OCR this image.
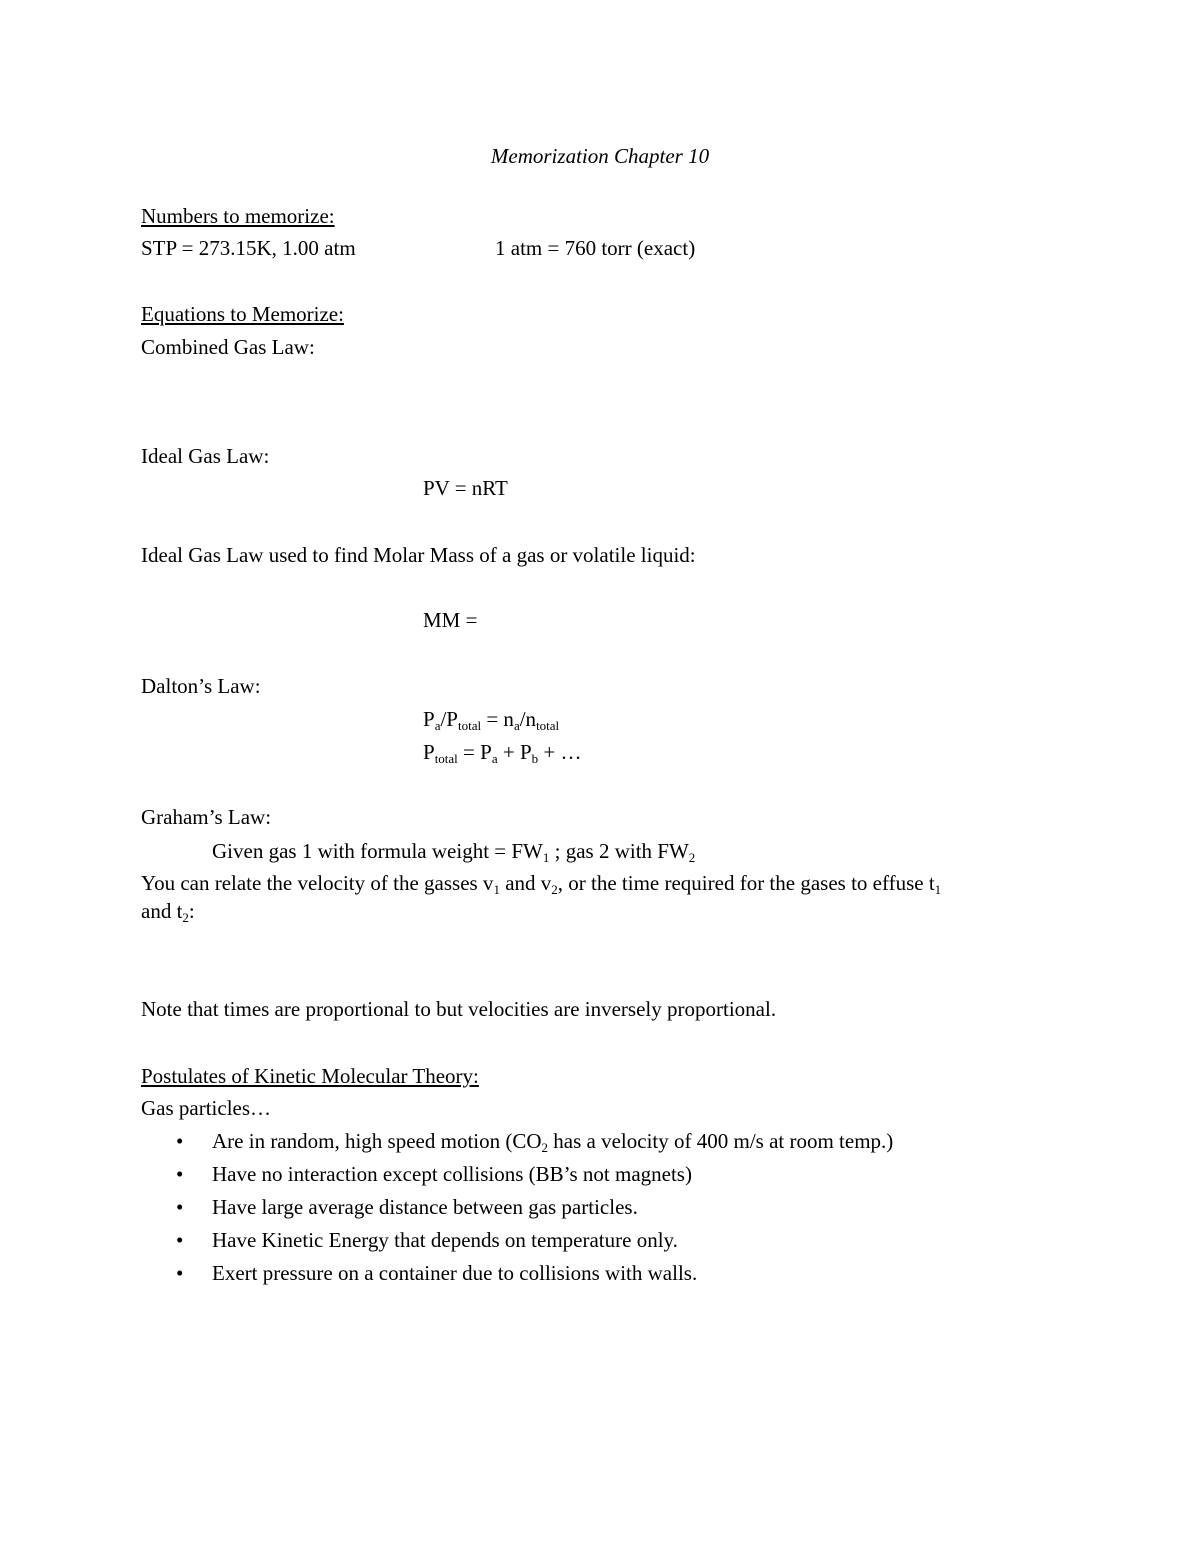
Memorization Chapter 10
Numbers to memorize:
STP = 273.15K, 1.00 atm	1 atm = 760 torr (exact)
Equations to Memorize:
Combined Gas Law:
Ideal Gas Law:
PV = nRT
Ideal Gas Law used to find Molar Mass of a gas or volatile liquid:
MM =
Dalton’s Law:
$P_a/P_{total} = n_a/n_{total}$
$P_{total} = P_a + P_b$ + …
Graham’s Law:
Given gas 1 with formula weight = $FW_1$ ; gas 2 with $FW_2$
You can relate the velocity of the gasses $v_1$ and $v_2$, or the time required for the gases to effuse $t_1$
and $t_2$:
Note that times are proportional to but velocities are inversely proportional.
Postulates of Kinetic Molecular Theory:
Gas particles…
• Are in random, high speed motion ($CO_2$ has a velocity of 400 m/s at room temp.)
• Have no interaction except collisions (BB’s not magnets)
• Have large average distance between gas particles.
• Have Kinetic Energy that depends on temperature only.
• Exert pressure on a container due to collisions with walls.
